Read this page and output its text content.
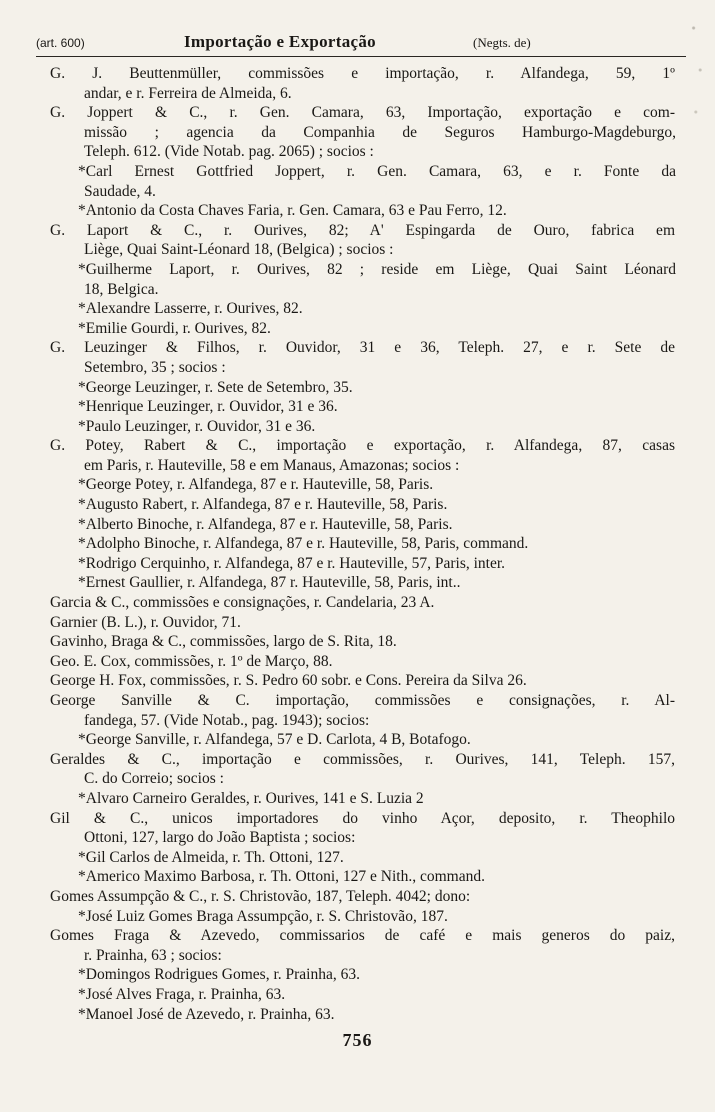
(art. 600)	Importação e Exportação	(Negts. de)
G. J. Beuttenmüller, commissões e importação, r. Alfandega, 59, 1º
andar, e r. Ferreira de Almeida, 6.
G. Joppert & C., r. Gen. Camara, 63, Importação, exportação e com-
missão ; agencia da Companhia de Seguros Hamburgo-Magdeburgo,
Teleph. 612. (Vide Notab. pag. 2065) ; socios :
*Carl Ernest Gottfried Joppert, r. Gen. Camara, 63, e r. Fonte da
Saudade, 4.
*Antonio da Costa Chaves Faria, r. Gen. Camara, 63 e Pau Ferro, 12.
G. Laport & C., r. Ourives, 82; A' Espingarda de Ouro, fabrica em
Liège, Quai Saint-Léonard 18, (Belgica) ; socios :
*Guilherme Laport, r. Ourives, 82 ; reside em Liège, Quai Saint Léonard
18, Belgica.
*Alexandre Lasserre, r. Ourives, 82.
*Emilie Gourdi, r. Ourives, 82.
G. Leuzinger & Filhos, r. Ouvidor, 31 e 36, Teleph. 27, e r. Sete de
Setembro, 35 ; socios :
*George Leuzinger, r. Sete de Setembro, 35.
*Henrique Leuzinger, r. Ouvidor, 31 e 36.
*Paulo Leuzinger, r. Ouvidor, 31 e 36.
G. Potey, Rabert & C., importação e exportação, r. Alfandega, 87, casas
em Paris, r. Hauteville, 58 e em Manaus, Amazonas; socios :
*George Potey, r. Alfandega, 87 e r. Hauteville, 58, Paris.
*Augusto Rabert, r. Alfandega, 87 e r. Hauteville, 58, Paris.
*Alberto Binoche, r. Alfandega, 87 e r. Hauteville, 58, Paris.
*Adolpho Binoche, r. Alfandega, 87 e r. Hauteville, 58, Paris, command.
*Rodrigo Cerquinho, r. Alfandega, 87 e r. Hauteville, 57, Paris, inter.
*Ernest Gaullier, r. Alfandega, 87 r. Hauteville, 58, Paris, int..
Garcia & C., commissões e consignações, r. Candelaria, 23 A.
Garnier (B. L.), r. Ouvidor, 71.
Gavinho, Braga & C., commissões, largo de S. Rita, 18.
Geo. E. Cox, commissões, r. 1º de Março, 88.
George H. Fox, commissões, r. S. Pedro 60 sobr. e Cons. Pereira da Silva 26.
George Sanville & C. importação, commissões e consignações, r. Al-
fandega, 57. (Vide Notab., pag. 1943); socios:
*George Sanville, r. Alfandega, 57 e D. Carlota, 4 B, Botafogo.
Geraldes & C., importação e commissões, r. Ourives, 141, Teleph. 157,
C. do Correio; socios :
*Alvaro Carneiro Geraldes, r. Ourives, 141 e S. Luzia 2
Gil & C., unicos importadores do vinho Açor, deposito, r. Theophilo
Ottoni, 127, largo do João Baptista ; socios:
*Gil Carlos de Almeida, r. Th. Ottoni, 127.
*Americo Maximo Barbosa, r. Th. Ottoni, 127 e Nith., command.
Gomes Assumpção & C., r. S. Christovão, 187, Teleph. 4042; dono:
*José Luiz Gomes Braga Assumpção, r. S. Christovão, 187.
Gomes Fraga & Azevedo, commissarios de café e mais generos do paiz,
r. Prainha, 63 ; socios:
*Domingos Rodrigues Gomes, r. Prainha, 63.
*José Alves Fraga, r. Prainha, 63.
*Manoel José de Azevedo, r. Prainha, 63.
756
